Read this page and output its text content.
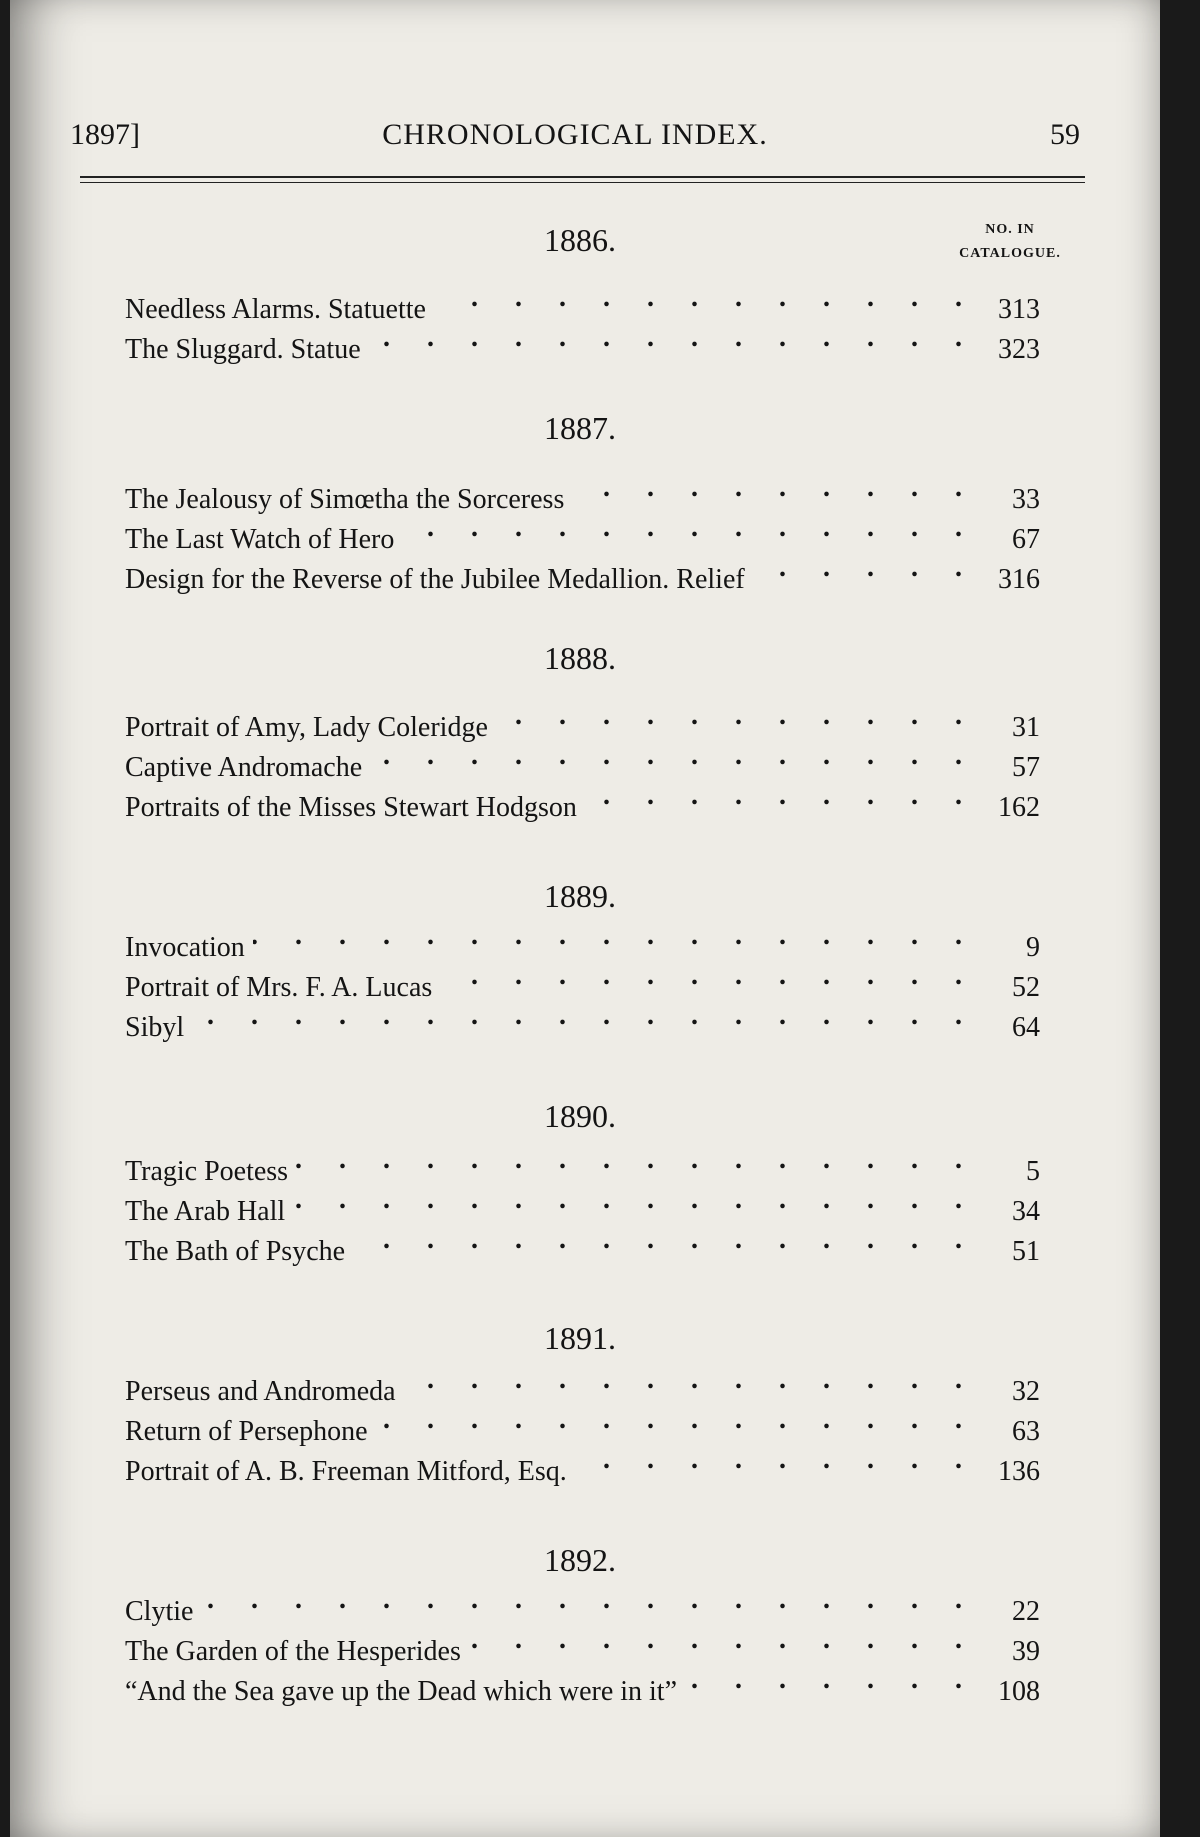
1897]	CHRONOLOGICAL INDEX.	59
NO. IN
CATALOGUE.
1886.
Needless Alarms. Statuette . . .	313
The Sluggard. Statue . . .	323
1887.
The Jealousy of Simœtha the Sorceress . . .	33
The Last Watch of Hero . . .	67
Design for the Reverse of the Jubilee Medallion. Relief . . .	316
1888.
Portrait of Amy, Lady Coleridge . . .	31
Captive Andromache . . .	57
Portraits of the Misses Stewart Hodgson . . .	162
1889.
Invocation . . .	9
Portrait of Mrs. F. A. Lucas . . .	52
Sibyl . . .	64
1890.
Tragic Poetess . . .	5
The Arab Hall . . .	34
The Bath of Psyche . . .	51
1891.
Perseus and Andromeda . . .	32
Return of Persephone . . .	63
Portrait of A. B. Freeman Mitford, Esq. . . .	136
1892.
Clytie . . .	22
The Garden of the Hesperides . . .	39
“And the Sea gave up the Dead which were in it” . . .	108
